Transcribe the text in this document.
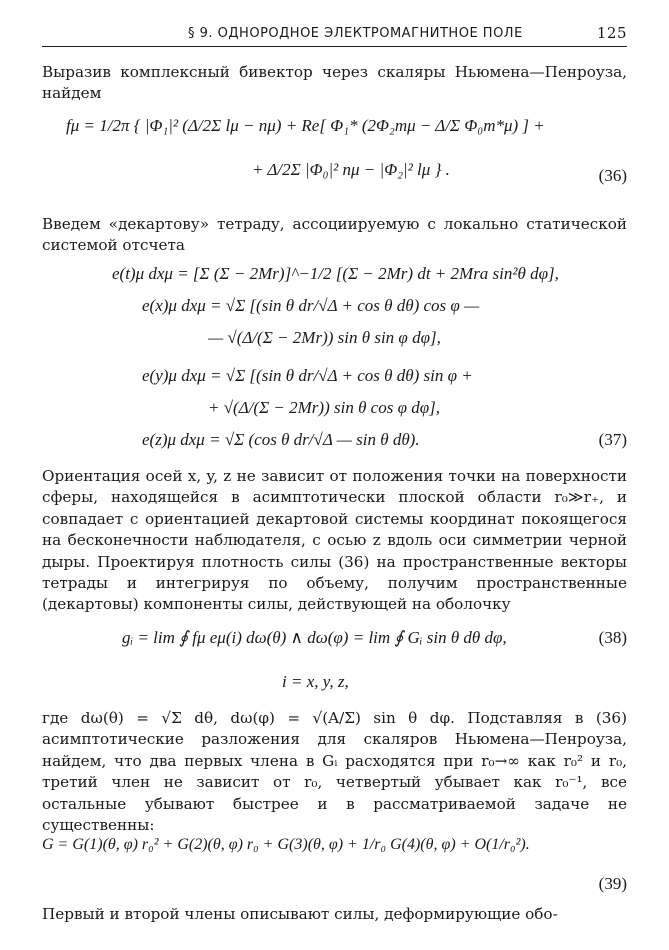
§ 9. ОДНОРОДНОЕ ЭЛЕКТРОМАГНИТНОЕ ПОЛЕ	125
Выразив комплексный бивектор через скаляры Ньюмена—Пенроуза, найдем
fμ = 1/2π { |Φ₁|² (Δ/2Σ lμ − nμ) + Re[ Φ₁* (2Φ₂mμ − Δ/Σ Φ₀m*μ) ] +
+ Δ/2Σ |Φ₀|² nμ − |Φ₂|² lμ } .	(36)
Введем «декартову» тетраду, ассоциируемую с локально статической системой отсчета
e(t)μ dxμ = [Σ (Σ − 2Mr)]^−1/2 [(Σ − 2Mr) dt + 2Mra sin²θ dφ],
e(x)μ dxμ = √Σ [(sin θ dr/√Δ + cos θ dθ) cos φ —
— √(Δ/(Σ − 2Mr)) sin θ sin φ dφ],
e(y)μ dxμ = √Σ [(sin θ dr/√Δ + cos θ dθ) sin φ +
+ √(Δ/(Σ − 2Mr)) sin θ cos φ dφ],
e(z)μ dxμ = √Σ (cos θ dr/√Δ — sin θ dθ).	(37)
Ориентация осей x, y, z не зависит от положения точки на поверхности сферы, находящейся в асимптотически плоской области r₀≫r₊, и совпадает с ориентацией декартовой системы координат покоящегося на бесконечности наблюдателя, с осью z вдоль оси симметрии черной дыры. Проектируя плотность силы (36) на пространственные векторы тетрады и интегрируя по объему, получим пространственные (декартовы) компоненты силы, действующей на оболочку
gᵢ = lim ∮ fμ eμ(i) dω(θ) ∧ dω(φ) = lim ∮ Gᵢ sin θ dθ dφ,	(38)
i = x, y, z,
где dω(θ) = √Σ dθ, dω(φ) = √(A/Σ) sin θ dφ. Подставляя в (36) асимптотические разложения для скаляров Ньюмена—Пенроуза, найдем, что два первых члена в Gᵢ расходятся при r₀→∞ как r₀² и r₀, третий член не зависит от r₀, четвертый убывает как r₀⁻¹, все остальные убывают быстрее и в рассматриваемой задаче не существенны:
G = G(1)(θ, φ) r₀² + G(2)(θ, φ) r₀ + G(3)(θ, φ) + 1/r₀ G(4)(θ, φ) + O(1/r₀²).
(39)
Первый и второй члены описывают силы, деформирующие обо-
